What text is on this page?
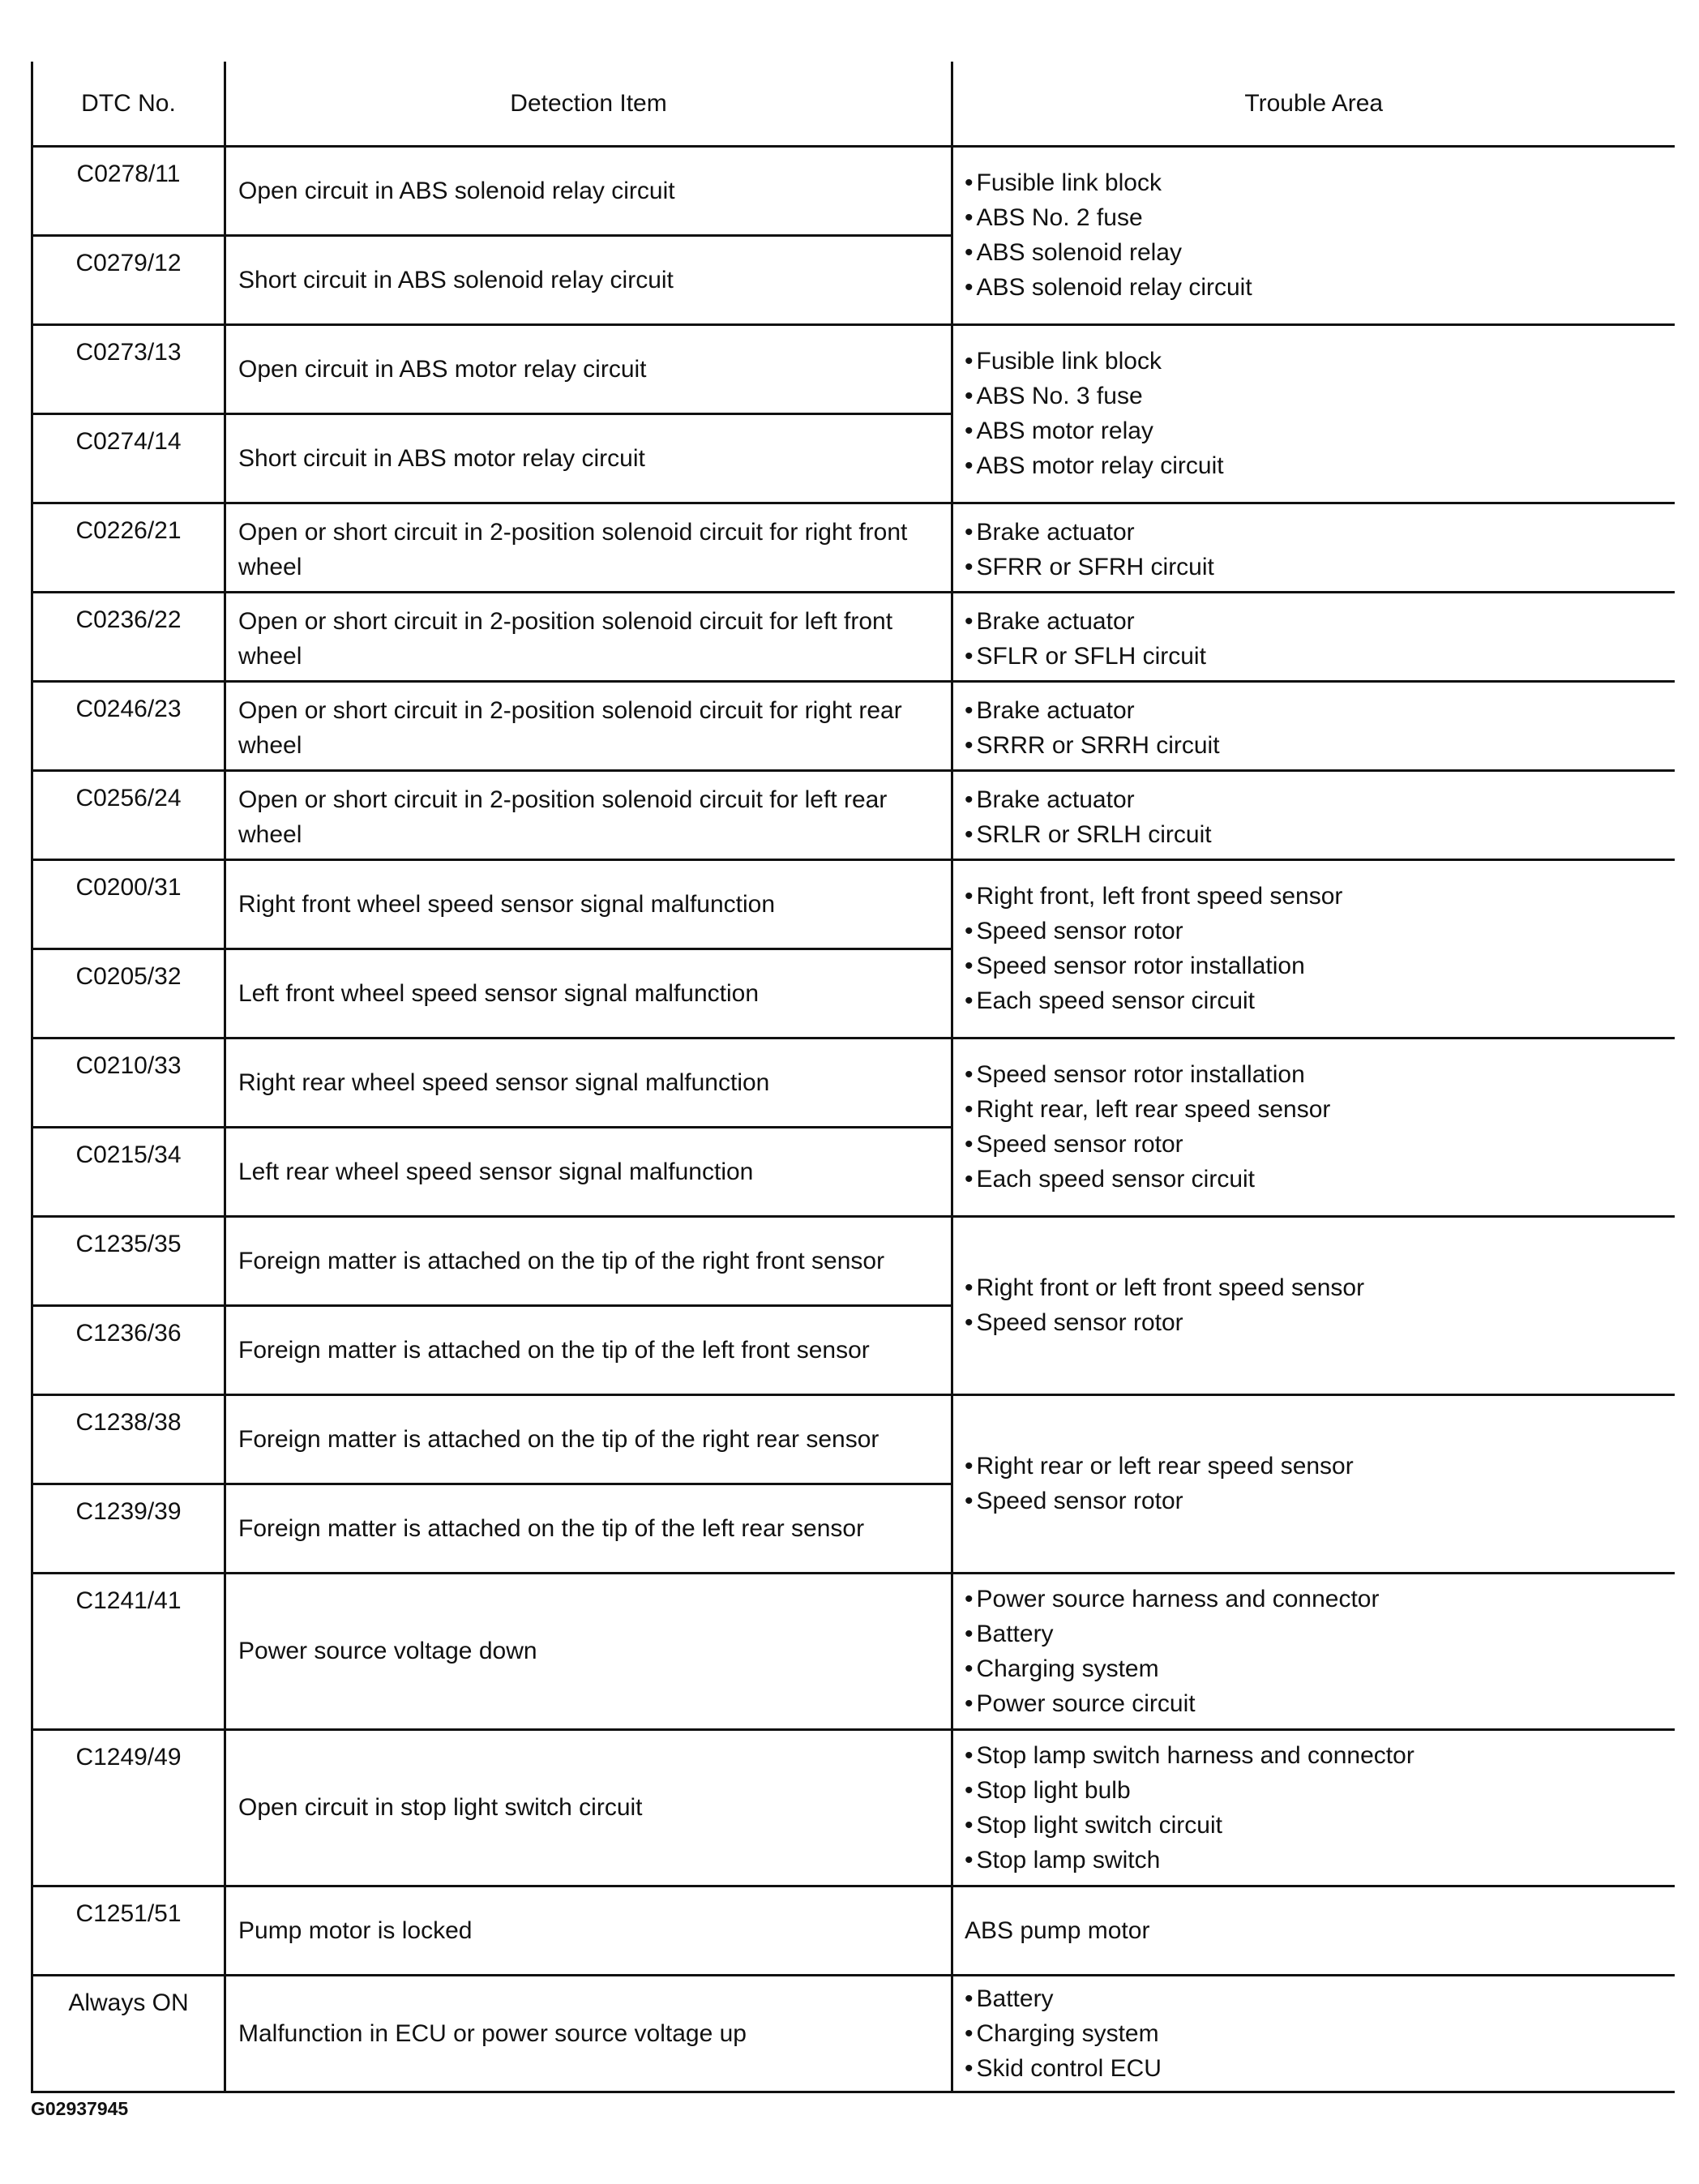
DTC No.	Detection Item	Trouble Area
C0278/11	Open circuit in ABS solenoid relay circuit	• Fusible link block
• ABS No. 2 fuse
• ABS solenoid relay
• ABS solenoid relay circuit

C0279/12	Short circuit in ABS solenoid relay circuit	
C0273/13	Open circuit in ABS motor relay circuit	• Fusible link block
• ABS No. 3 fuse
• ABS motor relay
• ABS motor relay circuit

C0274/14	Short circuit in ABS motor relay circuit	
C0226/21	Open or short circuit in 2-position solenoid circuit for right front wheel	• Brake actuator
• SFRR or SFRH circuit

C0236/22	Open or short circuit in 2-position solenoid circuit for left front wheel	• Brake actuator
• SFLR or SFLH circuit

C0246/23	Open or short circuit in 2-position solenoid circuit for right rear wheel	• Brake actuator
• SRRR or SRRH circuit

C0256/24	Open or short circuit in 2-position solenoid circuit for left rear wheel	• Brake actuator
• SRLR or SRLH circuit

C0200/31	Right front wheel speed sensor signal malfunction	• Right front, left front speed sensor
• Speed sensor rotor
• Speed sensor rotor installation
• Each speed sensor circuit

C0205/32	Left front wheel speed sensor signal malfunction	
C0210/33	Right rear wheel speed sensor signal malfunction	• Speed sensor rotor installation
• Right rear, left rear speed sensor
• Speed sensor rotor
• Each speed sensor circuit

C0215/34	Left rear wheel speed sensor signal malfunction	
C1235/35	Foreign matter is attached on the tip of the right front sensor	• Right front or left front speed sensor
• Speed sensor rotor

C1236/36	Foreign matter is attached on the tip of the left front sensor	
C1238/38	Foreign matter is attached on the tip of the right rear sensor	• Right rear or left rear speed sensor
• Speed sensor rotor

C1239/39	Foreign matter is attached on the tip of the left rear sensor	
C1241/41	Power source voltage down	• Power source harness and connector
• Battery
• Charging system
• Power source circuit

C1249/49	Open circuit in stop light switch circuit	• Stop lamp switch harness and connector
• Stop light bulb
• Stop light switch circuit
• Stop lamp switch

C1251/51	Pump motor is locked	ABS pump motor

Always ON	Malfunction in ECU or power source voltage up	• Battery
• Charging system
• Skid control ECU
G02937945
